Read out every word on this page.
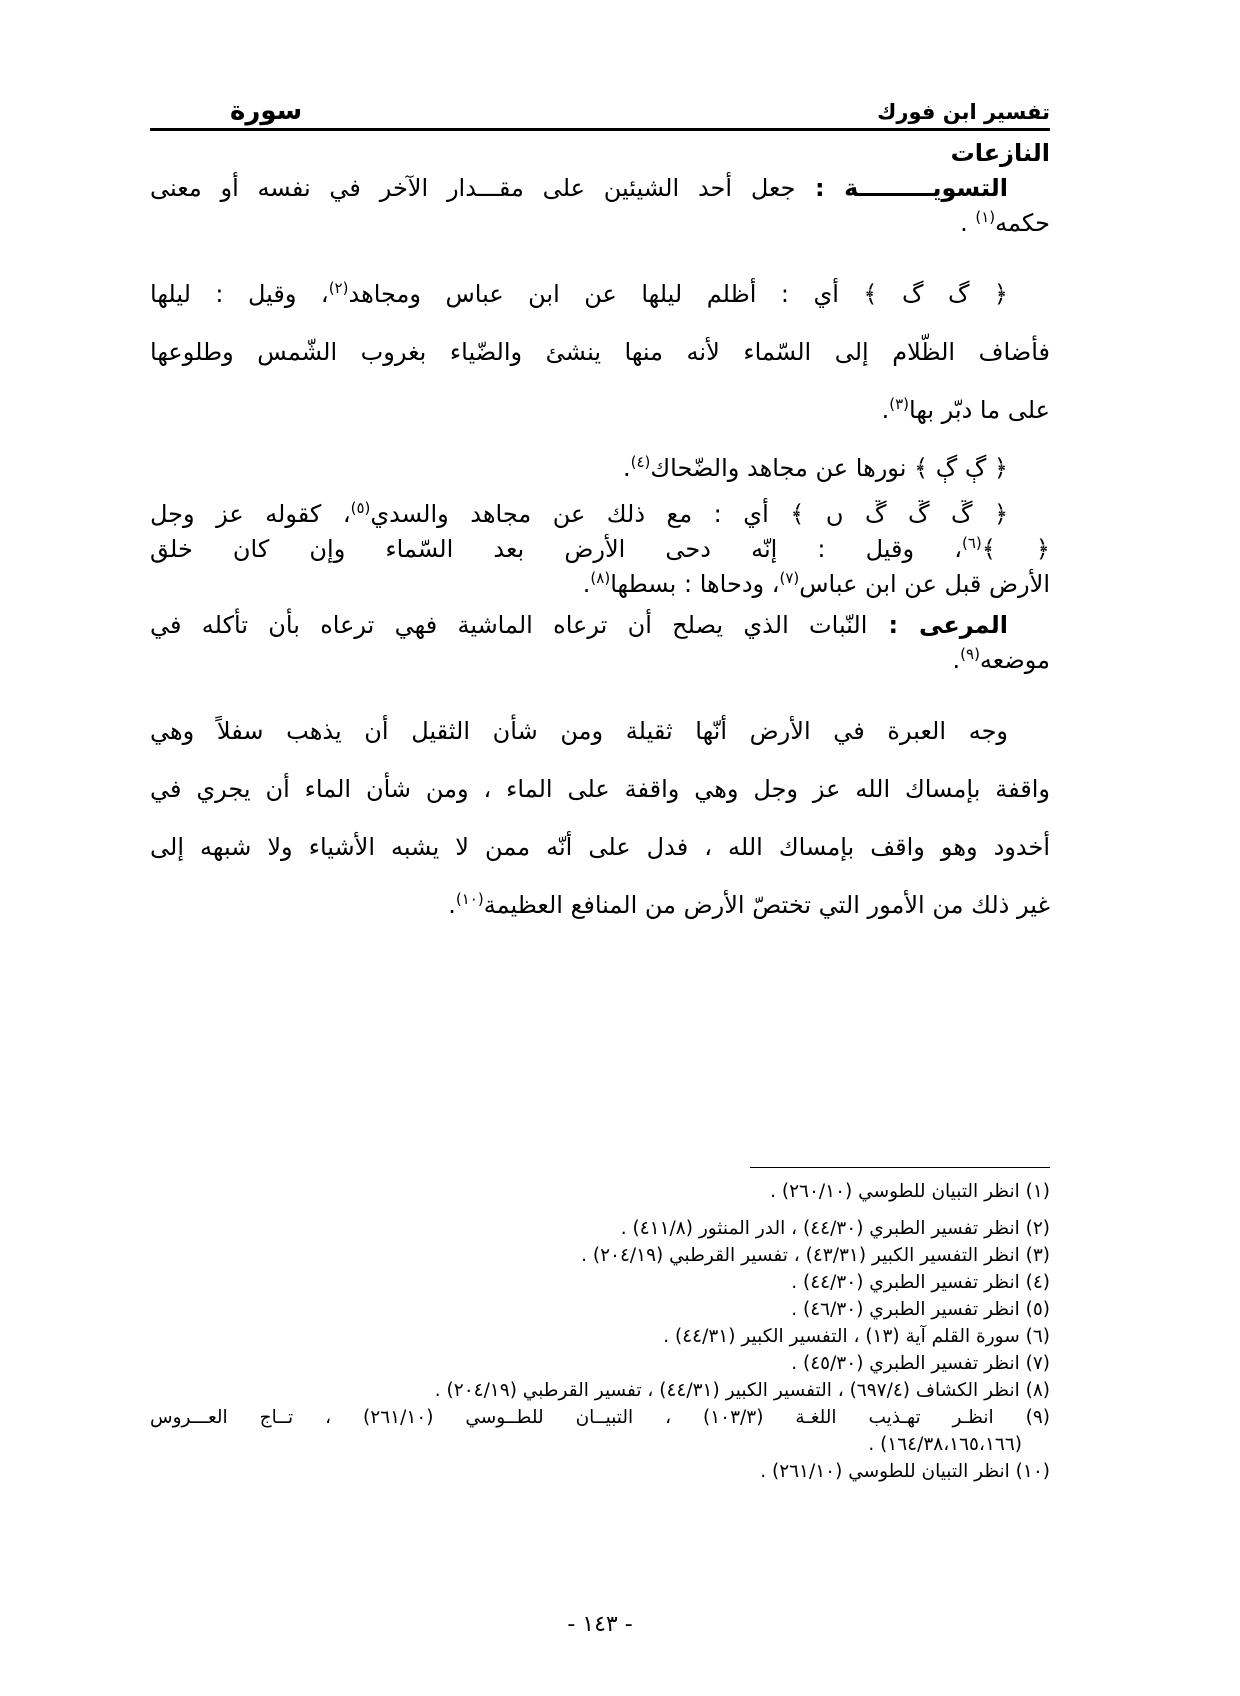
تفسير ابن فورك
سورة
النازعات
التسويـــــــــة : جعل أحد الشيئين على مقـــدار الآخر في نفسه أو معنى
حكمه$^{(١)}$ .
﴿ گ گ ﴾ أي : أظلم ليلها عن ابن عباس ومجاهد$^{(٢)}$، وقيل : ليلها
فأضاف الظّلام إلى السّماء لأنه منها ينشئ والضّياء بغروب الشّمس وطلوعها
على ما دبّر بها$^{(٣)}$.
﴿ ڳ ڳ ﴾ نورها عن مجاهد والضّحاك$^{(٤)}$.
﴿ ڱ ڱ ڱ ں ﴾ أي : مع ذلك عن مجاهد والسدي$^{(٥)}$، كقوله عز وجل
﴿ ﴾$^{(٦)}$، وقيل : إنّه دحى الأرض بعد السّماء وإن كان خلق
الأرض قبل عن ابن عباس$^{(٧)}$، ودحاها : بسطها$^{(٨)}$.
المرعى : النّبات الذي يصلح أن ترعاه الماشية فهي ترعاه بأن تأكله في
موضعه$^{(٩)}$.
وجه العبرة في الأرض أنّها ثقيلة ومن شأن الثقيل أن يذهب سفلاً وهي
واقفة بإمساك الله عز وجل وهي واقفة على الماء ، ومن شأن الماء أن يجري في
أخدود وهو واقف بإمساك الله ، فدل على أنّه ممن لا يشبه الأشياء ولا شبهه إلى
غير ذلك من الأمور التي تختصّ الأرض من المنافع العظيمة$^{(١٠)}$.
(١) انظر التبيان للطوسي (٢٦٠/١٠) .
(٢) انظر تفسير الطبري (٤٤/٣٠) ، الدر المنثور (٤١١/٨) .
(٣) انظر التفسير الكبير (٤٣/٣١) ، تفسير القرطبي (٢٠٤/١٩) .
(٤) انظر تفسير الطبري (٤٤/٣٠) .
(٥) انظر تفسير الطبري (٤٦/٣٠) .
(٦) سورة القلم آية (١٣) ، التفسير الكبير (٤٤/٣١) .
(٧) انظر تفسير الطبري (٤٥/٣٠) .
(٨) انظر الكشاف (٦٩٧/٤) ، التفسير الكبير (٤٤/٣١) ، تفسير القرطبي (٢٠٤/١٩) .
(٩) انظـر تهـذيب اللغـة (١٠٣/٣) ، التبيــان للطــوسي (٢٦١/١٠) ، تــاج العـــروس
(١٦٤/٣٨،١٦٥،١٦٦) .
(١٠) انظر التبيان للطوسي (٢٦١/١٠) .
- ١٤٣ -
